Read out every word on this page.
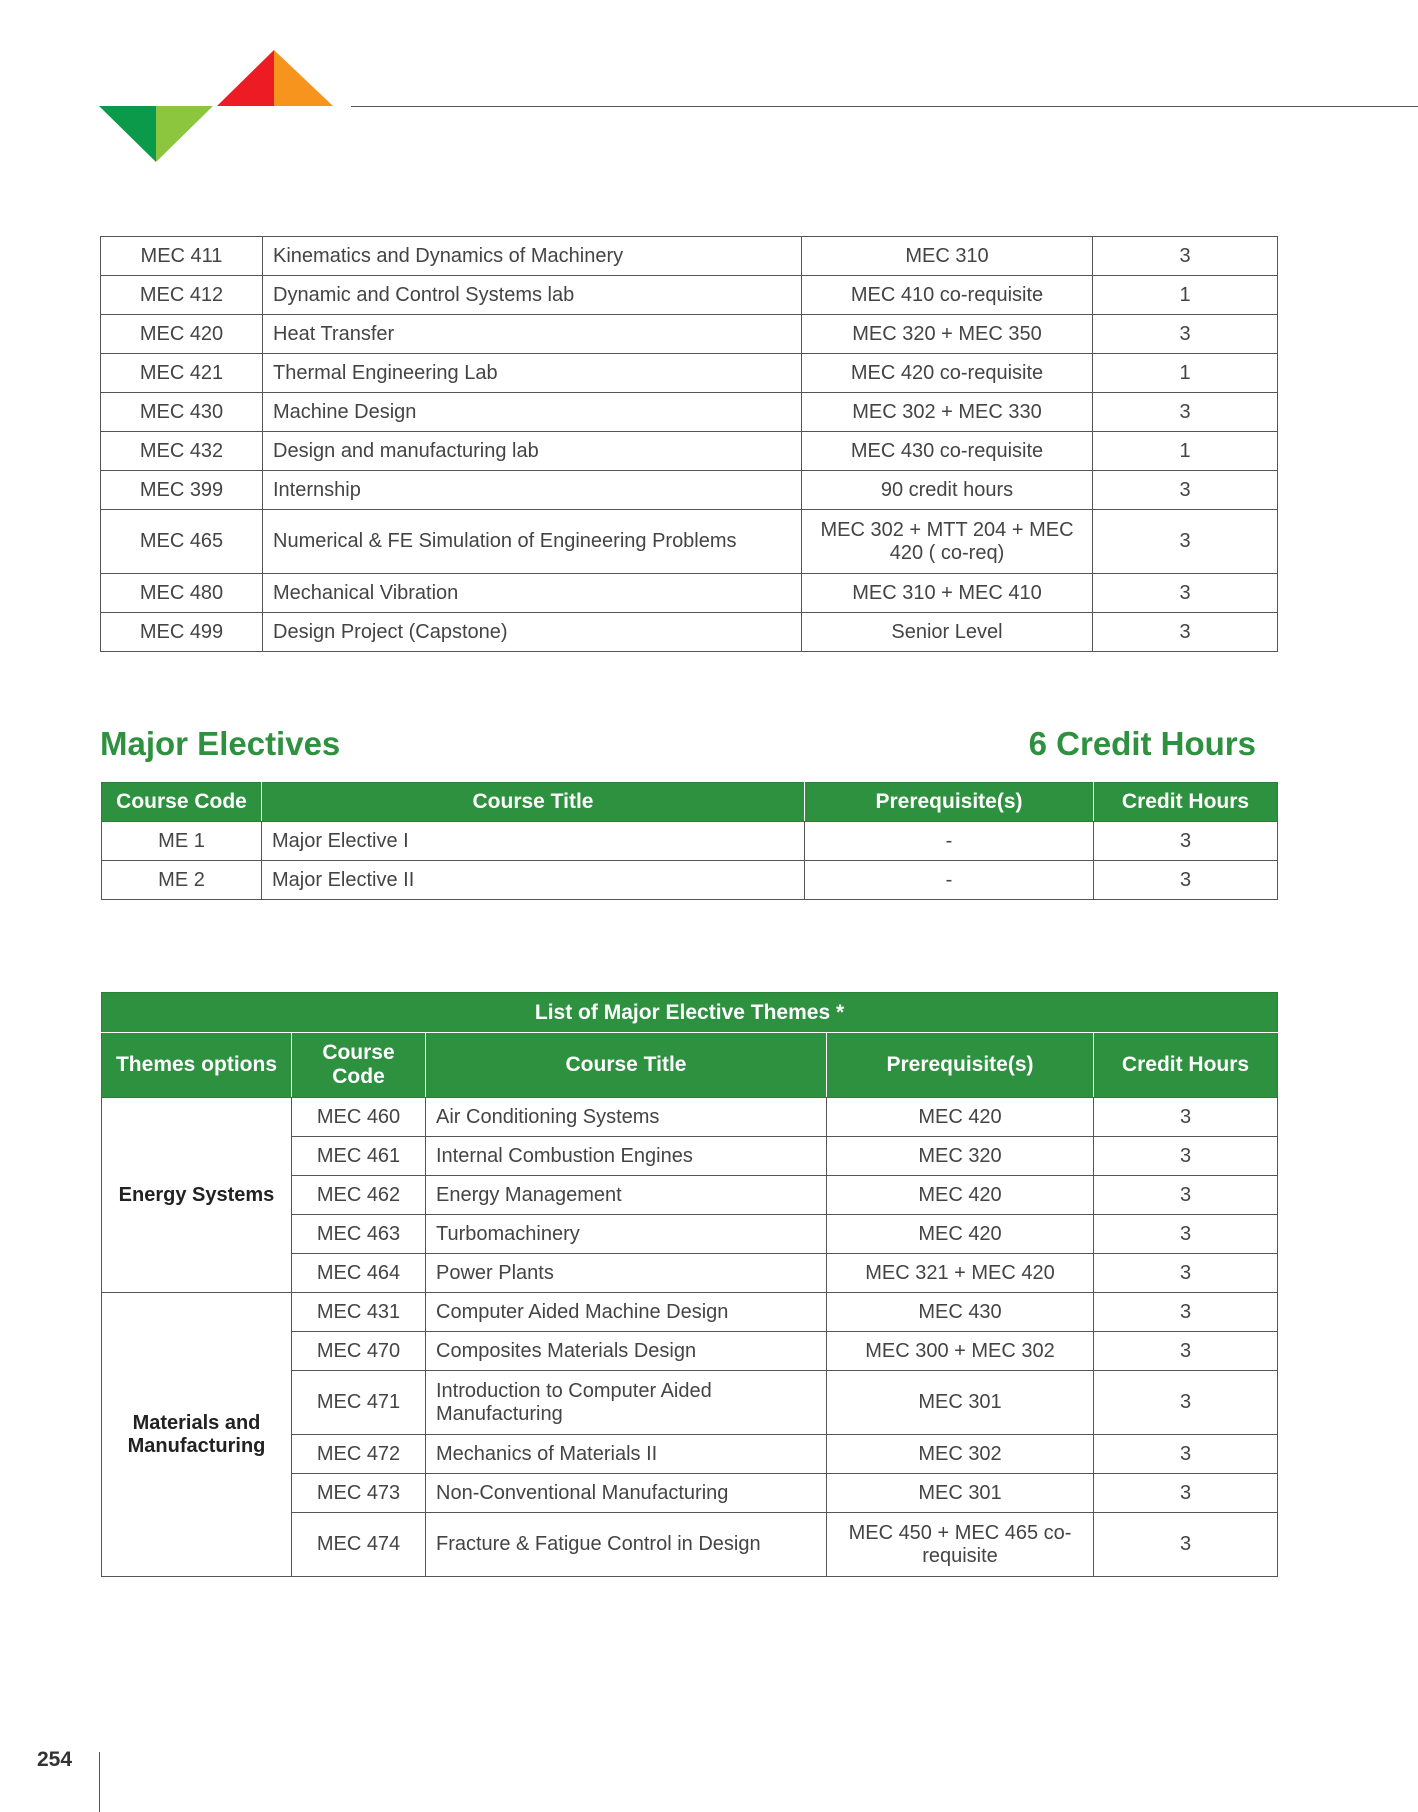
MEC 411	Kinematics and Dynamics of Machinery	MEC 310	3
MEC 412	Dynamic and Control Systems lab	MEC 410 co-requisite	1
MEC 420	Heat Transfer	MEC 320 + MEC 350	3
MEC 421	Thermal Engineering Lab	MEC 420 co-requisite	1
MEC 430	Machine Design	MEC 302 + MEC 330	3
MEC 432	Design and manufacturing lab	MEC 430 co-requisite	1
MEC 399	Internship	90 credit hours	3
MEC 465	Numerical & FE Simulation of Engineering Problems	MEC 302 + MTT 204 + MEC 420 ( co-req)	3
MEC 480	Mechanical Vibration	MEC 310 + MEC 410	3
MEC 499	Design Project (Capstone)	Senior Level	3
Major Electives	6 Credit Hours
Course Code	Course Title	Prerequisite(s)	Credit Hours
ME 1	Major Elective I	-	3
ME 2	Major Elective II	-	3
List of Major Elective Themes *				
Themes options	Course Code	Course Title	Prerequisite(s)	Credit Hours
Energy Systems	MEC 460	Air Conditioning Systems	MEC 420	3
	MEC 461	Internal Combustion Engines	MEC 320	3
	MEC 462	Energy Management	MEC 420	3
	MEC 463	Turbomachinery	MEC 420	3
	MEC 464	Power Plants	MEC 321 + MEC 420	3
Materials and Manufacturing	MEC 431	Computer Aided Machine Design	MEC 430	3
	MEC 470	Composites Materials Design	MEC 300 + MEC 302	3
	MEC 471	Introduction to Computer Aided Manufacturing	MEC 301	3
	MEC 472	Mechanics of Materials II	MEC 302	3
	MEC 473	Non-Conventional Manufacturing	MEC 301	3
	MEC 474	Fracture & Fatigue Control in Design	MEC 450 + MEC 465 co-requisite	3
254
